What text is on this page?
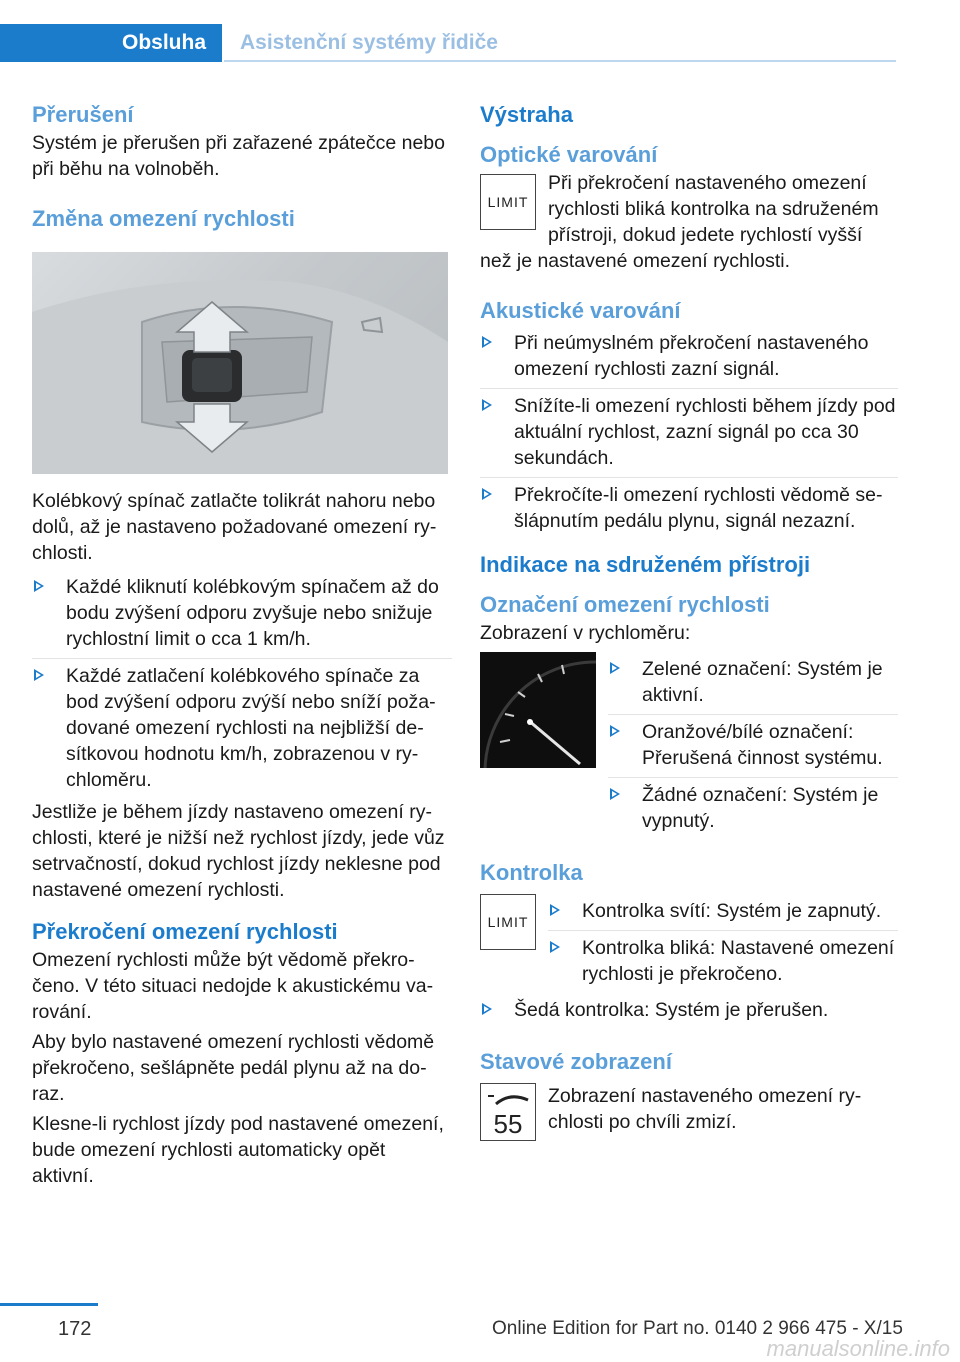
Obsluha	Asistenční systémy řidiče
Přerušení

Systém je přerušen při zařazené zpátečce nebo při běhu na volnoběh.

Změna omezení rychlosti

Kolébkový spínač zatlačte tolikrát nahoru nebo dolů, až je nastaveno požadované omezení rychlosti.

Každé kliknutí kolébkovým spínačem až do bodu zvýšení odporu zvyšuje nebo snižuje rychlostní limit o cca 1 km/h.
Každé zatlačení kolébkového spínače za bod zvýšení odporu zvýší nebo sníží požadované omezení rychlosti na nejbližší desítkovou hodnotu km/h, zobrazenou v rychloměru.

Jestliže je během jízdy nastaveno omezení rychlosti, které je nižší než rychlost jízdy, jede vůz setrvačností, dokud rychlost jízdy neklesne pod nastavené omezení rychlosti.

Překročení omezení rychlosti

Omezení rychlosti může být vědomě překročeno. V této situaci nedojde k akustickému varování.

Aby bylo nastavené omezení rychlosti vědomě překročeno, sešlápněte pedál plynu až na doraz.

Klesne-li rychlost jízdy pod nastavené omezení, bude omezení rychlosti automaticky opět aktivní.

Výstraha
Optické varování
LIMIT

Při překročení nastaveného omezení rychlosti bliká kontrolka na sdruženém přístroji, dokud jedete rychlostí vyšší než je nastavené omezení rychlosti.

Akustické varování
Při neúmyslném překročení nastaveného omezení rychlosti zazní signál.
Snížíte-li omezení rychlosti během jízdy pod aktuální rychlost, zazní signál po cca 30 sekundách.
Překročíte-li omezení rychlosti vědomě sešlápnutím pedálu plynu, signál nezazní.
Indikace na sdruženém přístroji
Označení omezení rychlosti

Zobrazení v rychloměru:

Zelené označení: Systém je aktivní.
Oranžové/bílé označení: Přerušená činnost systému.
Žádné označení: Systém je vypnutý.
Kontrolka
LIMIT	Kontrolka svítí: Systém je zapnutý.
Kontrolka bliká: Nastavené omezení rychlosti je překročeno.
Šedá kontrolka: Systém je přerušen.
Stavové zobrazení
55

Zobrazení nastaveného omezení rychlosti po chvíli zmizí.

172	Online Edition for Part no. 0140 2 966 475 - X/15
manualsonline.info
